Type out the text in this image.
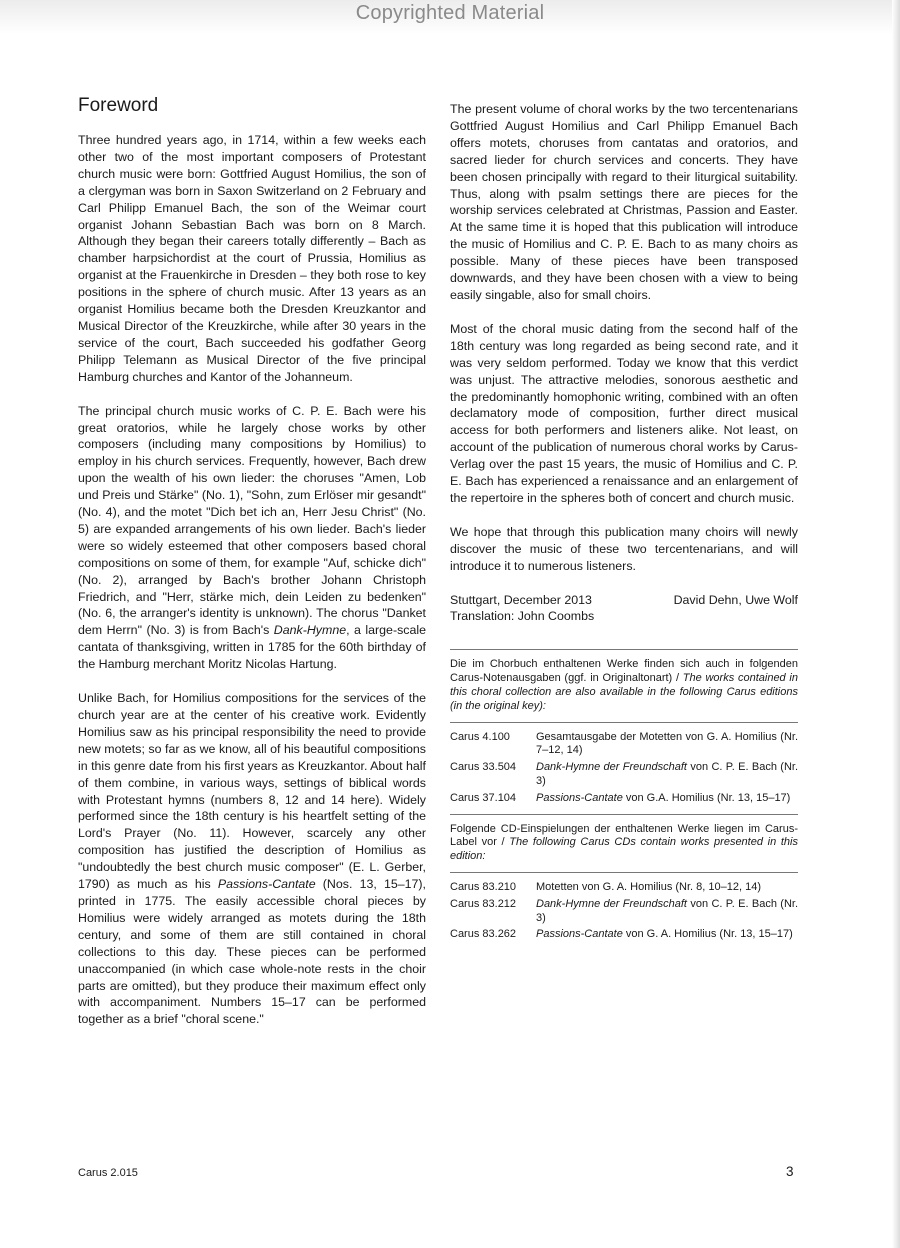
Copyrighted Material
Foreword

Three hundred years ago, in 1714, within a few weeks each other two of the most important composers of Protestant church music were born: Gottfried August Homilius, the son of a clergyman was born in Saxon Switzerland on 2 February and Carl Philipp Emanuel Bach, the son of the Weimar court organist Johann Sebastian Bach was born on 8 March. Although they began their careers totally differently – Bach as chamber harpsichordist at the court of Prussia, Homilius as organist at the Frauenkirche in Dresden – they both rose to key positions in the sphere of church music. After 13 years as an organist Homilius became both the Dresden Kreuzkantor and Musical Director of the Kreuzkirche, while after 30 years in the service of the court, Bach succeeded his godfather Georg Philipp Telemann as Musical Director of the five principal Hamburg churches and Kantor of the Johanneum.

The principal church music works of C. P. E. Bach were his great oratorios, while he largely chose works by other composers (including many compositions by Homilius) to employ in his church services. Frequently, however, Bach drew upon the wealth of his own lieder: the choruses "Amen, Lob und Preis und Stärke" (No. 1), "Sohn, zum Erlöser mir gesandt" (No. 4), and the motet "Dich bet ich an, Herr Jesu Christ" (No. 5) are expanded arrangements of his own lieder. Bach's lieder were so widely esteemed that other composers based choral compositions on some of them, for example "Auf, schicke dich" (No. 2), arranged by Bach's brother Johann Christoph Friedrich, and "Herr, stärke mich, dein Leiden zu bedenken" (No. 6, the arranger's identity is unknown). The chorus "Danket dem Herrn" (No. 3) is from Bach's Dank-Hymne, a large-scale cantata of thanksgiving, written in 1785 for the 60th birthday of the Hamburg merchant Moritz Nicolas Hartung.

Unlike Bach, for Homilius compositions for the services of the church year are at the center of his creative work. Evidently Homilius saw as his principal responsibility the need to provide new motets; so far as we know, all of his beautiful compositions in this genre date from his first years as Kreuzkantor. About half of them combine, in various ways, settings of biblical words with Protestant hymns (numbers 8, 12 and 14 here). Widely performed since the 18th century is his heartfelt setting of the Lord's Prayer (No. 11). However, scarcely any other composition has justified the description of Homilius as "undoubtedly the best church music composer" (E. L. Gerber, 1790) as much as his Passions-Cantate (Nos. 13, 15–17), printed in 1775. The easily accessible choral pieces by Homilius were widely arranged as motets during the 18th century, and some of them are still contained in choral collections to this day. These pieces can be performed unaccompanied (in which case whole-note rests in the choir parts are omitted), but they produce their maximum effect only with accompaniment. Numbers 15–17 can be performed together as a brief "choral scene."

The present volume of choral works by the two tercentenarians Gottfried August Homilius and Carl Philipp Emanuel Bach offers motets, choruses from cantatas and oratorios, and sacred lieder for church services and concerts. They have been chosen principally with regard to their liturgical suitability. Thus, along with psalm settings there are pieces for the worship services celebrated at Christmas, Passion and Easter. At the same time it is hoped that this publication will introduce the music of Homilius and C. P. E. Bach to as many choirs as possible. Many of these pieces have been transposed downwards, and they have been chosen with a view to being easily singable, also for small choirs.

Most of the choral music dating from the second half of the 18th century was long regarded as being second rate, and it was very seldom performed. Today we know that this verdict was unjust. The attractive melodies, sonorous aesthetic and the predominantly homophonic writing, combined with an often declamatory mode of composition, further direct musical access for both performers and listeners alike. Not least, on account of the publication of numerous choral works by Carus-Verlag over the past 15 years, the music of Homilius and C. P. E. Bach has experienced a renaissance and an enlargement of the repertoire in the spheres both of concert and church music.

We hope that through this publication many choirs will newly discover the music of these two tercentenarians, and will introduce it to numerous listeners.

Stuttgart, December 2013	David Dehn, Uwe Wolf
Translation: John Coombs
Die im Chorbuch enthaltenen Werke finden sich auch in folgenden Carus-Notenausgaben (ggf. in Originaltonart) / The works contained in this choral collection are also available in the following Carus editions (in the original key):
Carus 4.100	Gesamtausgabe der Motetten von G. A. Homilius (Nr. 7–12, 14)
Carus 33.504	Dank-Hymne der Freundschaft von C. P. E. Bach (Nr. 3)
Carus 37.104	Passions-Cantate von G.A. Homilius (Nr. 13, 15–17)
Folgende CD-Einspielungen der enthaltenen Werke liegen im Carus-Label vor / The following Carus CDs contain works presented in this edition:
Carus 83.210	Motetten von G. A. Homilius (Nr. 8, 10–12, 14)
Carus 83.212	Dank-Hymne der Freundschaft von C. P. E. Bach (Nr. 3)
Carus 83.262	Passions-Cantate von G. A. Homilius (Nr. 13, 15–17)
Carus 2.015	3
